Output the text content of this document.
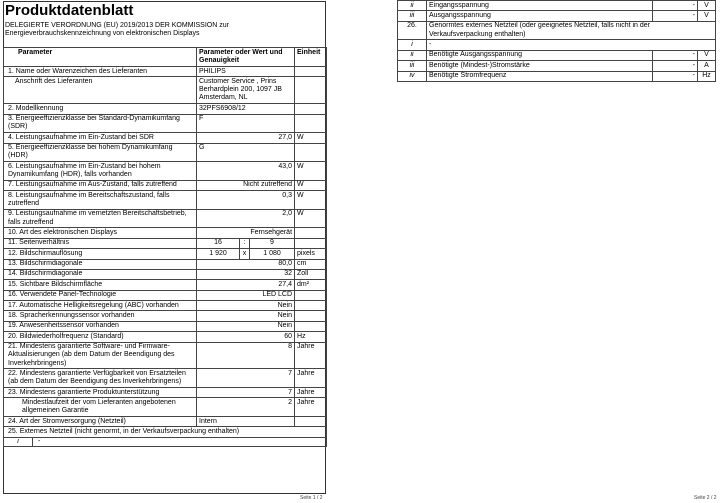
Produktdatenblatt
DELEGIERTE VERORDNUNG (EU) 2019/2013 DER KOMMISSION zur Energieverbrauchskennzeichnung von elektronischen Displays
Parameter	Parameter oder Wert und Genauigkeit			Einheit
1. Name oder Warenzeichen des Lieferanten	PHILIPS			
Anschrift des Lieferanten	Customer Service , Prins Berhardplein 200, 1097 JB Amsterdam, NL			
2. Modellkennung	32PFS6908/12			
3. Energieeffizienzklasse bei Standard-Dynamikumfang (SDR)	F			
4. Leistungsaufnahme im Ein-Zustand bei SDR	27,0			W
5. Energieeffizienzklasse bei hohem Dynamikumfang (HDR)	G			
6. Leistungsaufnahme im Ein-Zustand bei hohem Dynamikumfang (HDR), falls vorhanden	43,0			W
7. Leistungsaufnahme im Aus-Zustand, falls zutreffend	Nicht zutreffend			W
8. Leistungsaufnahme im Bereitschaftszustand, falls zutreffend	0,3			W
9. Leistungsaufnahme im vernetzten Bereitschaftsbetrieb, falls zutreffend	2,0			W
10. Art des elektronischen Displays	Fernsehgerät			
11. Seitenverhältnis	16	:	9	
12. Bildschirmauflösung	1 920	x	1 080	pixels
13. Bildschirmdiagonale	80,0			cm
14. Bildschirmdiagonale	32			Zoll
15. Sichtbare Bildschirmfläche	27,4			dm²
16. Verwendete Panel-Technologie	LED LCD			
17. Automatische Helligkeitsregelung (ABC) vorhanden	Nein			
18. Spracherkennungssensor vorhanden	Nein			
19. Anwesenheitssensor vorhanden	Nein			
20. Bildwiederholfrequenz (Standard)	60			Hz
21. Mindestens garantierte Software- und Firmware-Aktualisierungen (ab dem Datum der Beendigung des Inverkehrbringens)	8			Jahre
22. Mindestens garantierte Verfügbarkeit von Ersatzteilen (ab dem Datum der Beendigung des Inverkehrbringens)	7			Jahre
23. Mindestens garantierte Produktunterstützung	7			Jahre
Mindestlaufzeit der vom Lieferanten angebotenen allgemeinen Garantie	2			Jahre
24. Art der Stromversorgung (Netzteil)	Intern			
25. Externes Netzteil (nicht genormt, in der Verkaufsverpackung enthalten)				
i -				
Seite 1 / 2
ii	Eingangsspannung	-	V
iii	Ausgangsspannung	-	V
26.	Genormtes externes Netzteil (oder geeignetes Netzteil, falls nicht in der Verkaufsverpackung enthalten)		
i	-		
ii	Benötigte Ausgangsspannung	-	V
iii	Benötigte (Mindest-)Stromstärke	-	A
iv	Benötigte Stromfrequenz	-	Hz
Seite 2 / 2
